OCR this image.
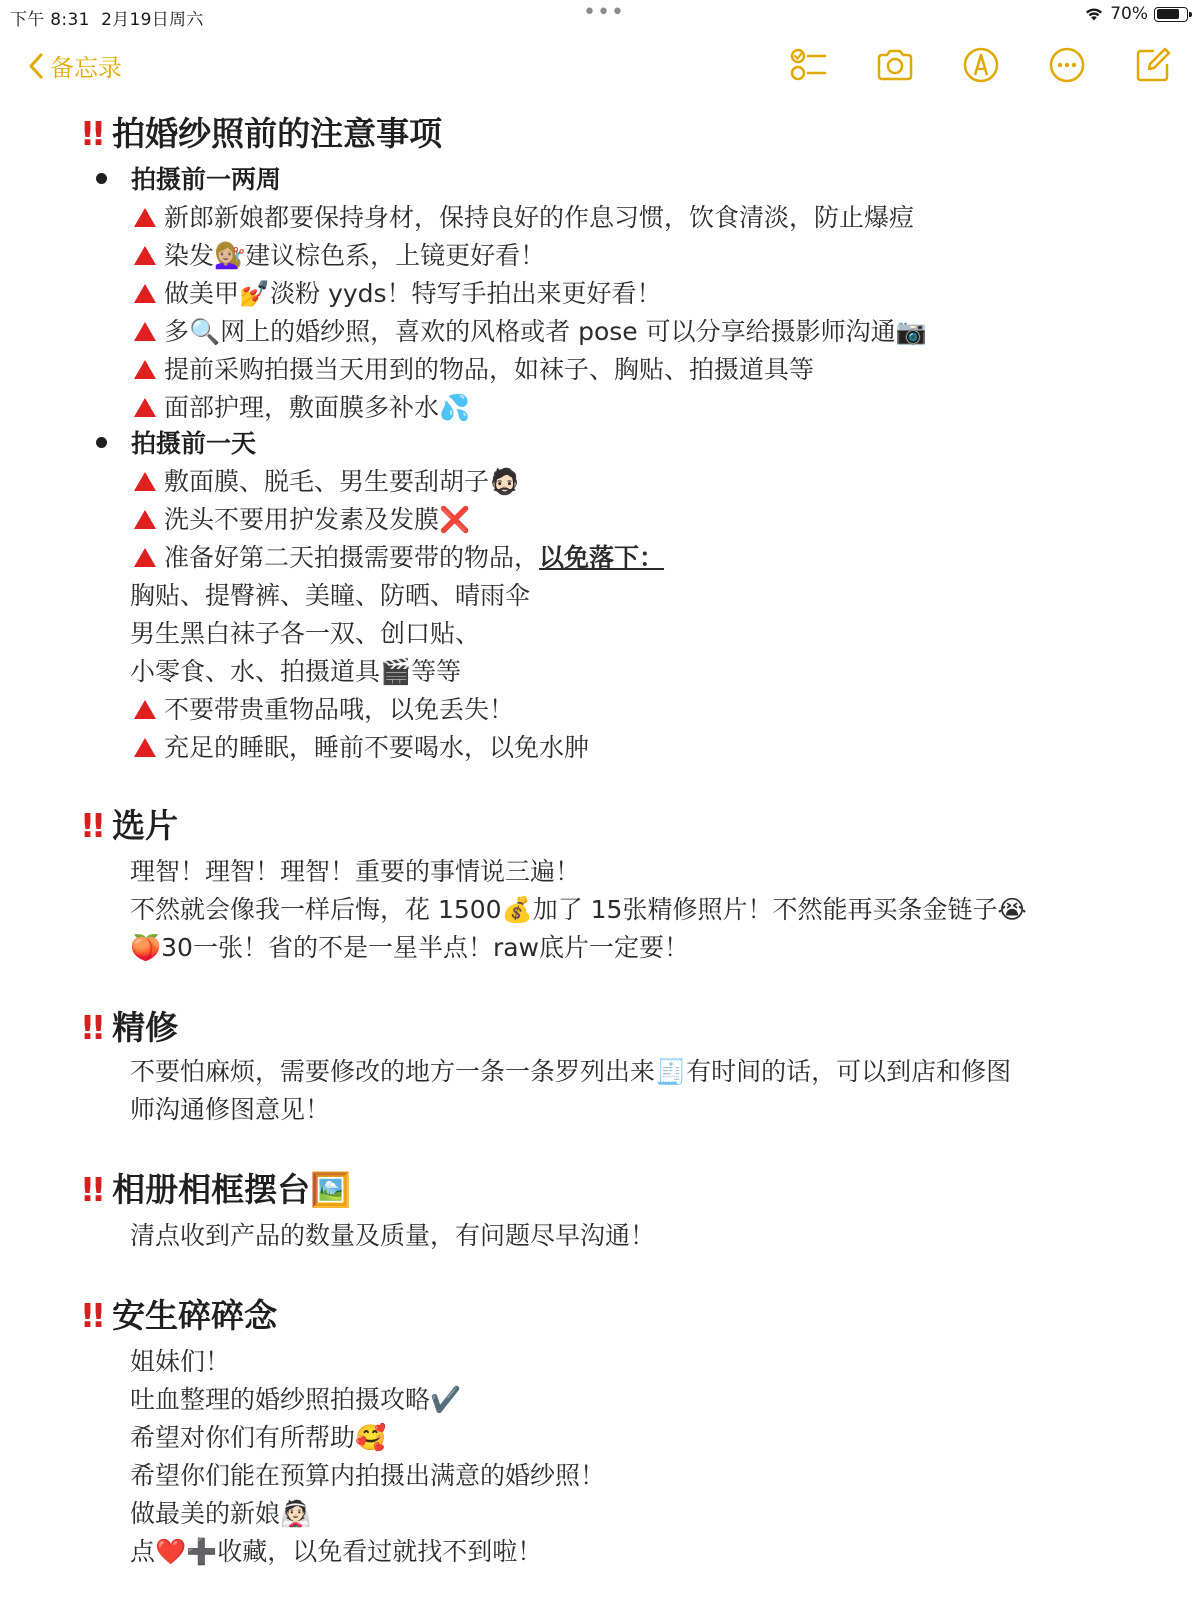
下午 8:31 2月19日周六	•••	70%
备忘录
!! 拍婚纱照前的注意事项
拍摄前一两周
新郎新娘都要保持身材，保持良好的作息习惯，饮食清淡，防止爆痘
染发💇🏼‍♀️建议棕色系，上镜更好看！
做美甲💅淡粉 yyds！特写手拍出来更好看！
多🔍网上的婚纱照，喜欢的风格或者 pose 可以分享给摄影师沟通📷
提前采购拍摄当天用到的物品，如袜子、胸贴、拍摄道具等
面部护理，敷面膜多补水💦
拍摄前一天
敷面膜、脱毛、男生要刮胡子🧔🏻
洗头不要用护发素及发膜❌
准备好第二天拍摄需要带的物品，以免落下：
胸贴、提臀裤、美瞳、防晒、晴雨伞
男生黑白袜子各一双、创口贴、
小零食、水、拍摄道具🎬等等
不要带贵重物品哦，以免丢失！
充足的睡眠，睡前不要喝水，以免水肿
!! 选片
理智！理智！理智！重要的事情说三遍！
不然就会像我一样后悔，花 1500💰加了 15张精修照片！不然能再买条金链子😭
🍑30一张！省的不是一星半点！raw底片一定要！
!! 精修
不要怕麻烦，需要修改的地方一条一条罗列出来🧾有时间的话，可以到店和修图
师沟通修图意见！
!! 相册相框摆台🖼️
清点收到产品的数量及质量，有问题尽早沟通！
!! 安生碎碎念
姐妹们！
吐血整理的婚纱照拍摄攻略✔️
希望对你们有所帮助🥰
希望你们能在预算内拍摄出满意的婚纱照！
做最美的新娘👰🏻
点❤️➕收藏，以免看过就找不到啦！
